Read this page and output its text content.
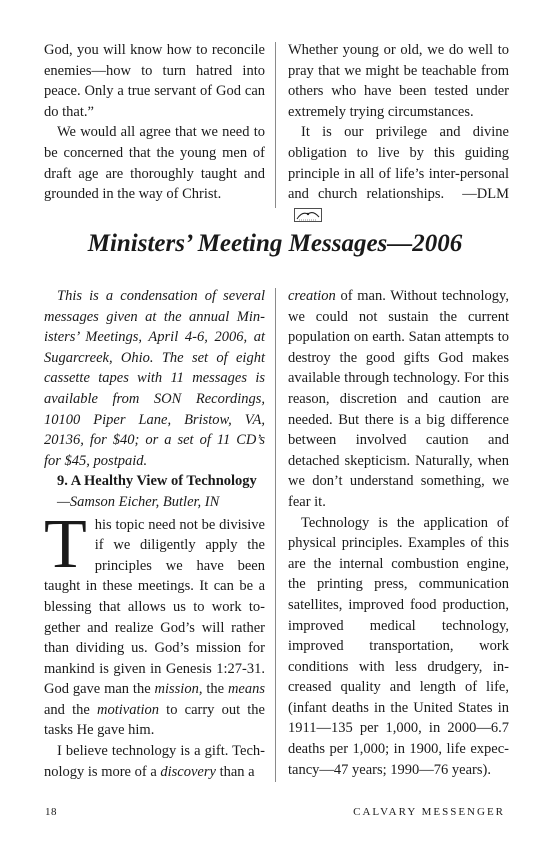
God, you will know how to reconcile enemies—how to turn hatred into peace. Only a true servant of God can do that.”

We would all agree that we need to be concerned that the young men of draft age are thoroughly taught and grounded in the way of Christ.

Whether young or old, we do well to pray that we might be teachable from others who have been tested under extremely trying circumstances.

It is our privilege and divine obligation to live by this guiding principle in all of life’s inter-personal and church relationships. —DLM

Ministers’ Meeting Messages—2006

This is a condensation of several messages given at the annual Ministers’ Meetings, April 4-6, 2006, at Sugarcreek, Ohio. The set of eight cassette tapes with 11 messages is available from SON Recordings, 10100 Piper Lane, Bristow, VA, 20136, for $40; or a set of 11 CD’s for $45, postpaid.

9. A Healthy View of Technology

—Samson Eicher, Butler, IN

This topic need not be divisive if we diligently apply the principles we have been taught in these meetings. It can be a blessing that allows us to work together and realize God’s will rather than dividing us. God’s mission for mankind is given in Genesis 1:27-31. God gave man the mission, the means and the motivation to carry out the tasks He gave him.

I believe technology is a gift. Technology is more of a discovery than a

creation of man. Without technology, we could not sustain the current population on earth. Satan attempts to destroy the good gifts God makes available through technology. For this reason, discretion and caution are needed. But there is a big difference between involved caution and detached skepticism. Naturally, when we don’t understand something, we fear it.

Technology is the application of physical principles. Examples of this are the internal combustion engine, the printing press, communication satellites, improved food production, improved medical technology, improved transportation, work conditions with less drudgery, increased quality and length of life, (infant deaths in the United States in 1911—135 per 1,000, in 2000—6.7 deaths per 1,000; in 1900, life expectancy—47 years; 1990—76 years).

18	CALVARY MESSENGER
